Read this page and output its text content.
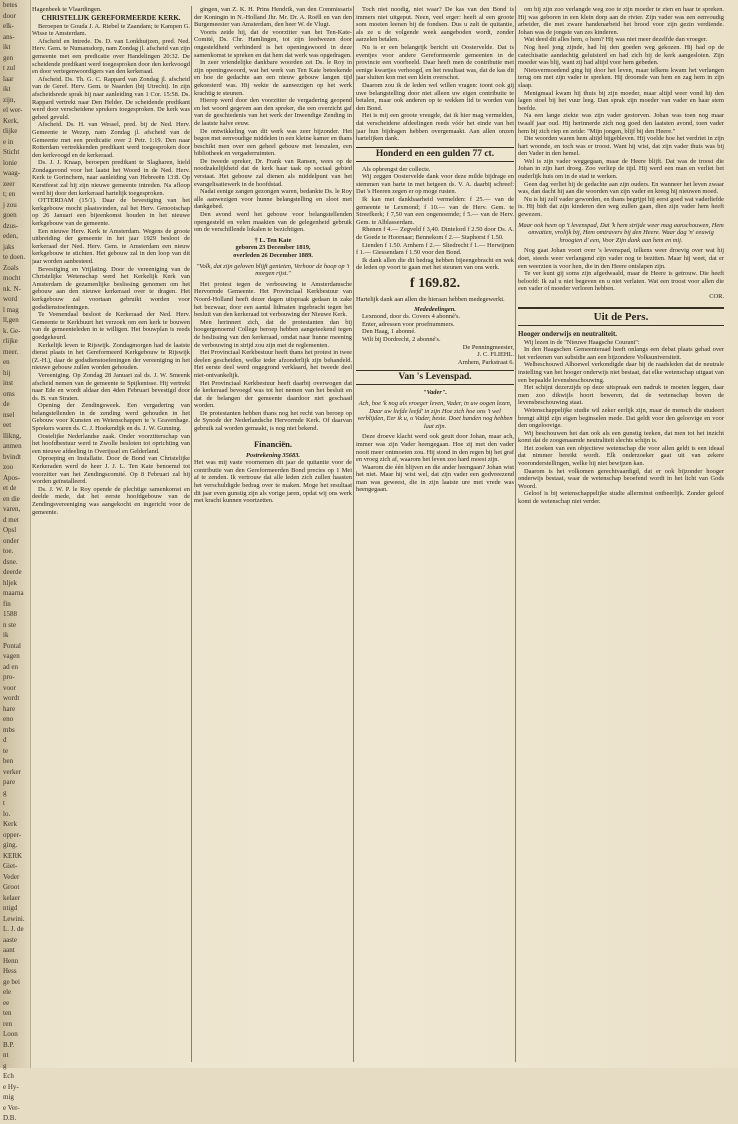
betes
door
elk-
ans-
ikt
gen
t zul
laar
ikt
zijn,
el wer-
Kerk,
tlijke
e in
Sticht
lonie
waag-
zeer
t; en
j zou
goen
dzus-
eden,
jaks
te doen.
Zoals
mocht
nk. N-
word
l mag
ll,gen
k. Ge-
rlijke
meer.
en
hij
inst
oms
de
nsel
eet
llikng,
anmen
bvindt
zoo
Apos-
et de
en die
varen,
d met
Opsl
onder
toe.
dsne.
deerde
hljek
maarna
fin
1588
n ste
ik
Pontal
vagen
ad en
pro-
voor
wordt
hare
eno
mbs
d
te
ben
verker
pare
g
t
lo.
Kerk
opper-
ging.
KERK
Giet-
Veder
Groot
kelaer
ntigd
Lewini.
L. J. de
aaste
aant
Henn
Hess
ge bei
ele
ee
ten
ren
Loon
B.P.
nt
g
Ech
e Hy-
mig
e Ver-
D.B.

Hagenbeek te Vlaardingen.

CHRISTELIJK GEREFORMEERDE KERK.

Beroepen te Gouda J. A. Riebel te Zaandam; te Kampen G. Wisse te Amsterdam.

Afscheid en Intrede. Ds. D. van Lonkhuijzen, pred. Ned. Herv. Gem. te Numansdorp, nam Zondag jl. afscheid van zijn gemeente met een predicatie over Handelingen 20:32. De scheidende predikant werd toegesproken door den kerkvoogd en door vertegenwoordigers van den kerkeraad.

Afscheid. Ds. Th. G. C. Rappard van Zondag jl. afscheid van de Geref. Herv. Gem. te Naarden (bij Utrecht). In zijn afscheidsrede sprak hij naar aanleiding van 1 Cor. 15:58. Ds. Rappard vertrekt naar Den Helder. De scheidende predikant werd door verscheidene sprekers toegesproken. De kerk was geheel gevuld.

Afscheid. Ds. H. van Wessel, pred. bij de Ned. Herv. Gemeente te Wezep, nam Zondag jl. afscheid van de Gemeente met een predicatie over 2 Petr. 1:19. Den naar Rotterdam vertrekkenden predikant werd toegesproken door den kerkvoogd en de kerkeraad.

Ds. J. J. Knaap, beroepen predikant te Slagharen, hield Zondagavond voor het laatst het Woord in de Ned. Herv. Kerk te Gorinchem, naar aanleiding van Hebreeën 13:8. Op Kerstfeest zal hij zijn nieuwe gemeente intreden. Na afloop werd hij door den kerkeraad hartelijk toegesproken.

OTTERDAM (15/1). Daar de bevestiging van het kerkgebouw mocht plaatsvinden, zal het Herv. Genootschap op 26 Januari een bijeenkomst houden in het nieuwe kerkgebouw van de gemeente.

Een nieuwe Herv. Kerk te Amsterdam. Wegens de groote uitbreiding der gemeente in het jaar 1929 besloot de kerkeraad der Ned. Herv. Gem. te Amsterdam een nieuw kerkgebouw te stichten. Het gebouw zal in den loop van dit jaar worden aanbesteed.

Bevestiging en Vrijlating. Door de vereeniging van de Christelijke Wetenschap werd het Kerkelijk Kerk van Amsterdam de gezamenlijke beslissing genomen om het gebouw aan den nieuwe kerkeraad over te dragen. Het kerkgebouw zal voortaan gebruikt worden voor godsdienstoefeningen.

Te Veenendaal besloot de Kerkeraad der Ned. Herv. Gemeente te Kerkbuurt het verzoek om een kerk te bouwen van de gemeenteleden in te willigen. Het bouwplan is reeds goedgekeurd.

Kerkelijk leven te Rijswijk. Zondagmorgen had de laatste dienst plaats in het Gereformeerd Kerkgebouw te Rijswijk (Z.-H.), daar de godsdienstoefeningen der vereeniging in het nieuwe gebouw zullen worden gehouden.

Vereeniging. Op Zondag 28 Januari zal ds. J. W. Smeenk afscheid nemen van de gemeente te Spijkenisse. Hij vertrekt naar Ede en wordt aldaar den 4den Februari bevestigd door ds. B. van Straten.

Opening der Zendingsweek. Een vergadering van belangstellenden in de zending werd gehouden in het Gebouw voor Kunsten en Wetenschappen te 's Gravenhage. Sprekers waren ds. C. J. Hoekendijk en ds. J. W. Gunning.

Oostelijke Nederlandse zaak. Onder voorzitterschap van het hoofdbestuur werd te Zwolle besloten tot oprichting van een nieuwe afdeeling in Overijssel en Gelderland.

Oproeping en Installatie. Door de Bond van Christelijke Kerkeraden werd de heer J. J. L. Ten Kate benoemd tot voorzitter van het Zendingscomité. Op 8 Februari zal hij worden geïnstalleerd.

Ds. J. W. P. le Roy opende de plechtige samenkomst en deelde mede, dat het eerste hoofdgebouw van de Zendingsvereeniging was aangekocht en ingericht voor de gemeente.

gingen, van Z. K. H. Prins Hendrik, van den Commissaris der Koningin in N.-Holland Jhr. Mr. Dr. A. Roëll en van den Burgemeester van Amsterdam, den heer W. de Vlugt.

Voorts zeide hij, dat de voorzitter van het Ten-Kate-Comité, Ds. Chr. Hamlingen, tot zijn leedwezen door ongesteldheid verhinderd is het openingswoord in deze samenkomst te spreken en dat hem dat werk was opgedragen.

In zeer vriendelijke dankbare woorden zei Ds. le Roy in zijn openingswoord, wat het werk van Ten Kate beteekende en hoe de gedachte aan een nieuw gebouw langen tijd gekoesterd was. Hij wekte de aanwezigen op het werk krachtig te steunen.

Hierop werd door den voorzitter de vergadering geopend en het woord gegeven aan den spreker, die een overzicht gaf van de geschiedenis van het werk der Inwendige Zending in de laatste halve eeuw.

De ontwikkeling van dit werk was zeer bijzonder. Het begon met eenvoudige middelen in een kleine kamer en thans beschikt men over een geheel gebouw met leeszalen, een bibliotheek en vergaderruimten.

De tweede spreker, Dr. Frank van Ransen, wees op de noodzakelijkheid dat de kerk haar taak op sociaal gebied verstaat. Het gebouw zal dienen als middelpunt van het evangelisatiewerk in de hoofdstad.

Nadat eenige zangen gezongen waren, bedankte Ds. le Roy alle aanwezigen voor hunne belangstelling en sloot met dankgebed.

Den avond werd het gebouw voor belangstellenden opengesteld en velen maakten van de gelegenheid gebruik om de verschillende lokalen te bezichtigen.

† L. Ten Kate

geboren 23 December 1819,

overleden 26 December 1889.

"Volk, dat zijn geloven blijft genieten, Verhoor de hoop op 't morgen rijst."

Het protest tegen de verbouwing te Amsterdamsche Hervormde Gemeente. Het Provinciaal Kerkbestuur van Noord-Holland heeft dezer dagen uitspraak gedaan in zake het bezwaar, door een aantal lidmaten ingebracht tegen het besluit van den kerkeraad tot verbouwing der Nieuwe Kerk.

Men herinnert zich, dat de protestanten dan bij hoogergenoemd College beroep hebben aangeteekend tegen de beslissing van den kerkeraad, omdat naar hunne meening de verbouwing in strijd zou zijn met de reglementen.

Het Provinciaal Kerkbestuur heeft thans het protest in twee deelen gescheiden, welke ieder afzonderlijk zijn behandeld. Het eerste deel werd ongegrond verklaard, het tweede deel niet-ontvankelijk.

Het Provinciaal Kerkbestuur heeft daarbij overwogen dat de kerkeraad bevoegd was tot het nemen van het besluit en dat de belangen der gemeente daardoor niet geschaad worden.

De protestanten hebben thans nog het recht van beroep op de Synode der Nederlandsche Hervormde Kerk. Of daarvan gebruik zal worden gemaakt, is nog niet bekend.

Financiën.

Postrekening 35683.

Het was mij vaste voornemen dit jaar de quitantie voor de contributie van den Gereformeerden Bond precies op 1 Mei af te zenden. Ik vertrouw dat alle leden zich zullen haasten het verschuldigde bedrag over te maken. Moge het resultaat dit jaar even gunstig zijn als vorige jaren, opdat wij ons werk met kracht kunnen voortzetten.

Toch niet noodig, niet waar? De kas van den Bond is immers niet uitgeput. Neen, veel erger: heeft al een groote som moeten leenen bij de fondsen. Dus u zult de quitantie, als ze u de volgende week aangeboden wordt, zonder aarzelen betalen.

Nu is er een belangrijk bericht uit Oostervelde. Dat is eventjes voor andere Gereformeerde gemeenten in de provincie een voorbeeld. Daar heeft men de contributie met eenige kwartjes verhoogd, en het resultaat was, dat de kas dit jaar sluiten kon met een klein overschot.

Daarom zou ik de leden wel willen vragen: toont ook gij uwe belangstelling door niet alleen uw eigen contributie te betalen, maar ook anderen op te wekken lid te worden van den Bond.

Het is mij een groote vreugde, dat ik hier mag vermelden, dat verscheidene afdeelingen reeds vóór het einde van het jaar hun bijdragen hebben overgemaakt. Aan allen onzen hartelijken dank.

Honderd en een gulden 77 ct.

Als opbrengst der collecte.

Wij zeggen Oostervelde dank voor deze milde bijdrage en stemmen van harte in met hetgeen ds. V. A. daarbij schreef: Dat 's Heeren zegen er op moge rusten.

Ik kan met dankbaarheid vermelden: f 25.— van de gemeente te Lexmond; f 10.— van de Herv. Gem. te Streefkerk; f 7,50 van een ongenoemde; f 5.— van de Herv. Gem. te Alblasserdam.

Rhenen f 4.— Zegveld f 3,40. Dintelord f 2.50 door Ds. A. de Goede te Hoornaar; Bennekom f 2.— Staphorst f 1.50.

Lienden f 1.50. Arnhem f 2.— Sliedrecht f 1.— Herwijnen f 1.— Giessendam f 1.50 voor den Bond.

Ik dank allen die dit bedrag hebben bijeengebracht en wek de leden op voort te gaan met het steunen van ons werk.

f 169.82.

Hartelijk dank aan allen die hieraan hebben medegewerkt.

Mededeelingen.

Lexmond, door ds. Covers 4 abonné's.

Enter, adressen voor proefnummers.

Den Haag, 1 abonné.

Wilt bij Dordrecht, 2 abonné's.

De Penningmeester,

J. C. FLIEHL.

Arnhem, Parkstraat 6.

Van 's Levenspad.

"Vader".

Ach, hoe 'k nog als vroeger leven, Vader, in uw oogen lezen, Daar uw liefde leefd' in zijn Hoe zich hoe ons 't wel verblijden, Eer ik u, o Vader, beste. Doet handen nog hebben laat zijn.

Deze droeve klacht werd ook geuit door Johan, maar ach, immer was zijn Vader heengegaan. Hoe zij met den vader nooit meer ontmoeten zou. Hij stond in den regen bij het graf en vroeg zich af, waarom het leven zoo hard moest zijn.

Waarom die één blijven en die ander heengaan? Johan wist het niet. Maar hij wist wel, dat zijn vader een godvreezend man was geweest, die in zijn laatste ure met vrede was heengegaan.

om bij zijn zoo verlangde weg zoo te zijn moeder te zien en haar te spreken. Hij was geboren in een klein dorp aan de rivier. Zijn vader was een eenvoudig arbeider, die met zware handenarbeid het brood voor zijn gezin verdiende. Johan was de jongste van zes kinderen.

Wat deed dit alles hem, o hem? Hij was niet meer dezelfde dan vroeger.

Nog heel jong zijnde, had hij den goeden weg gekozen. Hij had op de catechisatie aandachtig geluisterd en had zich bij de kerk aangesloten. Zijn moeder was blij, want zij had altijd voor hem gebeden.

Nietsvermoedend ging hij door het leven, maar telkens kwam het verlangen terug om met zijn vader te spreken. Hij droomde van hem en zag hem in zijn slaap.

Menigmaal kwam hij thuis bij zijn moeder, maar altijd weer vond hij den lagen stoel bij het vuur leeg. Dan sprak zijn moeder van vader en haar stem beefde.

Na een lange ziekte was zijn vader gestorven. Johan was toen nog maar twaalf jaar oud. Hij herinnerde zich nog goed den laatsten avond, toen vader hem bij zich riep en zeide: "Mijn jongen, blijf bij den Heere."

Die woorden waren hem altijd bijgebleven. Hij voelde hoe het verdriet in zijn hart woonde, en toch was er troost. Want hij wist, dat zijn vader thuis was bij den Vader in den hemel.

Wel is zijn vader weggegaan, maar de Heere blijft. Dat was de troost die Johan in zijn hart droeg. Zoo verliep de tijd. Hij werd een man en verliet het ouderlijk huis om in de stad te werken.

Geen dag verliet hij de gedachte aan zijn ouders. En wanneer het leven zwaar was, dan dacht hij aan die woorden van zijn vader en kreeg hij nieuwen moed.

Nu is hij zelf vader geworden, en thans begrijpt hij eerst goed wat vaderliefde is. Hij bidt dat zijn kinderen den weg zullen gaan, dien zijn vader hem heeft gewezen.

Maar ook heen op 't levenspad, Dat 'k hem strijde weer mag aanschouwen, Hem omvatten, vrolijk bij, Hem omtravers bij den Heere. Waar dag 'n' eeuwig hroogien d' een, Voor Zijn dank aan hem en mij.

Nog gaat Johan voort over 's levenspad, telkens weer droevig over wat hij doet, steeds weer verlangend zijn vader nog te bezitten. Maar hij weet, dat er een weerzien is voor hen, die in den Heere ontslapen zijn.

Te ver kunt gij soms zijn afgedwaald, maar de Heere is getrouw. Die heeft beloofd: Ik zal u niet begeven en u niet verlaten. Wat een troost voor allen die een vader of moeder verloren hebben.

COR.

Uit de Pers.

Hooger onderwijs en neutraliteit.

Wij lezen in de "Nieuwe Haagsche Courant":

In den Haagschen Gemeenteraad heeft onlangs een debat plaats gehad over het verleenen van subsidie aan een bijzondere Volksuniversiteit.

Welbeschouwd Alhoewel verkondigde daar bij de raadsleden dat de neutrale instelling van het hooger onderwijs niet bestaat, dat elke wetenschap uitgaat van een bepaalde levensbeschouwing.

Het schijnt dezerzijds op deze uitspraak een nadruk te moeten leggen, daar men zoo dikwijls hoort beweren, dat de wetenschap boven de levensbeschouwing staat.

Wetenschappelijke studie wil zeker eerlijk zijn, maar de mensch die studeert brengt altijd zijn eigen beginselen mede. Dat geldt voor den geloovige en voor den ongeloovige.

Wij beschouwen het dan ook als een gunstig teeken, dat men tot het inzicht komt dat de zoogenaamde neutraliteit slechts schijn is.

Het zoeken van een objectieve wetenschap die voor allen geldt is een ideaal dat nimmer bereikt wordt. Elk onderzoeker gaat uit van zekere vooronderstellingen, welke hij niet bewijzen kan.

Daarom is het volkomen gerechtvaardigd, dat er ook bijzonder hooger onderwijs bestaat, waar de wetenschap beoefend wordt in het licht van Gods Woord.

Geloof is bij wetenschappelijke studie allerminst ontbeerlijk. Zonder geloof komt de wetenschap niet verder.
